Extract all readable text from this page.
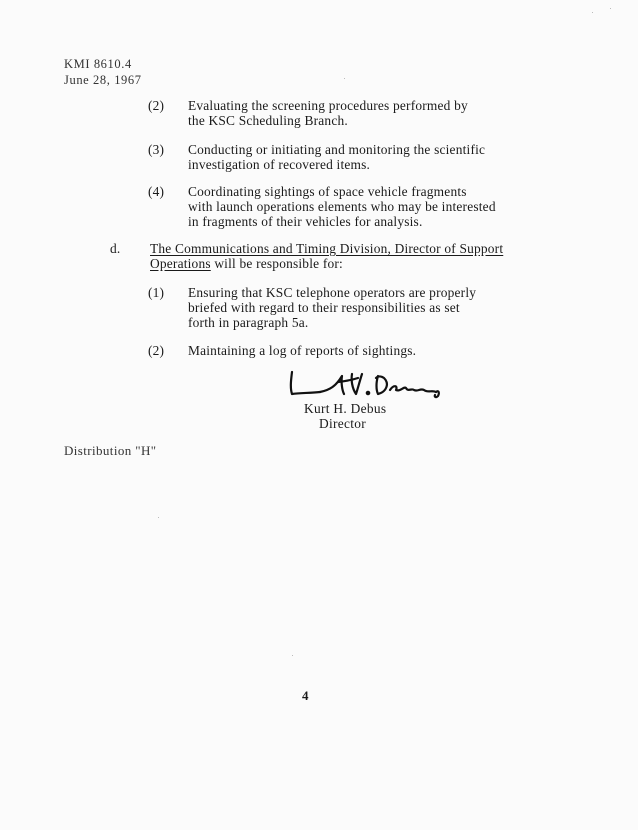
KMI 8610.4
June 28, 1967
(2) Evaluating the screening procedures performed by
the KSC Scheduling Branch.
(3) Conducting or initiating and monitoring the scientific
investigation of recovered items.
(4) Coordinating sightings of space vehicle fragments
with launch operations elements who may be interested
in fragments of their vehicles for analysis.
d. The Communications and Timing Division, Director of Support
Operations will be responsible for:
(1) Ensuring that KSC telephone operators are properly
briefed with regard to their responsibilities as set
forth in paragraph 5a.
(2) Maintaining a log of reports of sightings.
Kurt H. Debus
Director
Distribution "H"
4
